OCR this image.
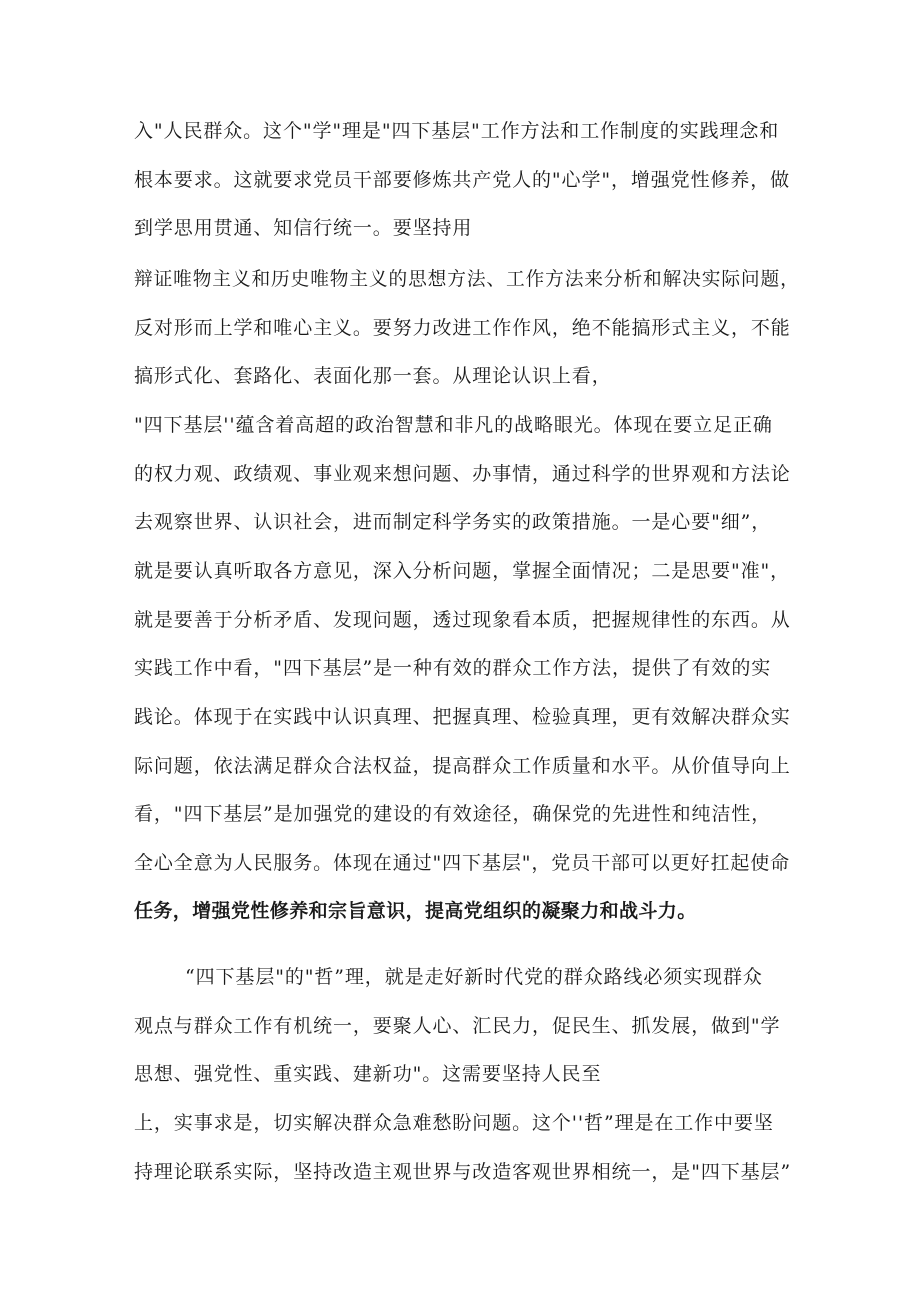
入"人民群众。这个"学"理是"四下基层"工作方法和工作制度的实践理念和
根本要求。这就要求党员干部要修炼共产党人的"心学"，增强党性修养，做
到学思用贯通、知信行统一。要坚持用
辩证唯物主义和历史唯物主义的思想方法、工作方法来分析和解决实际问题，
反对形而上学和唯心主义。要努力改进工作作风，绝不能搞形式主义，不能
搞形式化、套路化、表面化那一套。从理论认识上看，
"四下基层''蕴含着高超的政治智慧和非凡的战略眼光。体现在要立足正确
的权力观、政绩观、事业观来想问题、办事情，通过科学的世界观和方法论
去观察世界、认识社会，进而制定科学务实的政策措施。一是心要"细”，
就是要认真听取各方意见，深入分析问题，掌握全面情况；二是思要"准"，
就是要善于分析矛盾、发现问题，透过现象看本质，把握规律性的东西。从
实践工作中看，"四下基层”是一种有效的群众工作方法，提供了有效的实
践论。体现于在实践中认识真理、把握真理、检验真理，更有效解决群众实
际问题，依法满足群众合法权益，提高群众工作质量和水平。从价值导向上
看，"四下基层”是加强党的建设的有效途径，确保党的先进性和纯洁性，
全心全意为人民服务。体现在通过"四下基层"，党员干部可以更好扛起使命
任务，增强党性修养和宗旨意识，提高党组织的凝聚力和战斗力。
“四下基层"的"哲”理，就是走好新时代党的群众路线必须实现群众
观点与群众工作有机统一，要聚人心、汇民力，促民生、抓发展，做到"学
思想、强党性、重实践、建新功"。这需要坚持人民至
上，实事求是，切实解决群众急难愁盼问题。这个''哲”理是在工作中要坚
持理论联系实际，坚持改造主观世界与改造客观世界相统一，是"四下基层”
